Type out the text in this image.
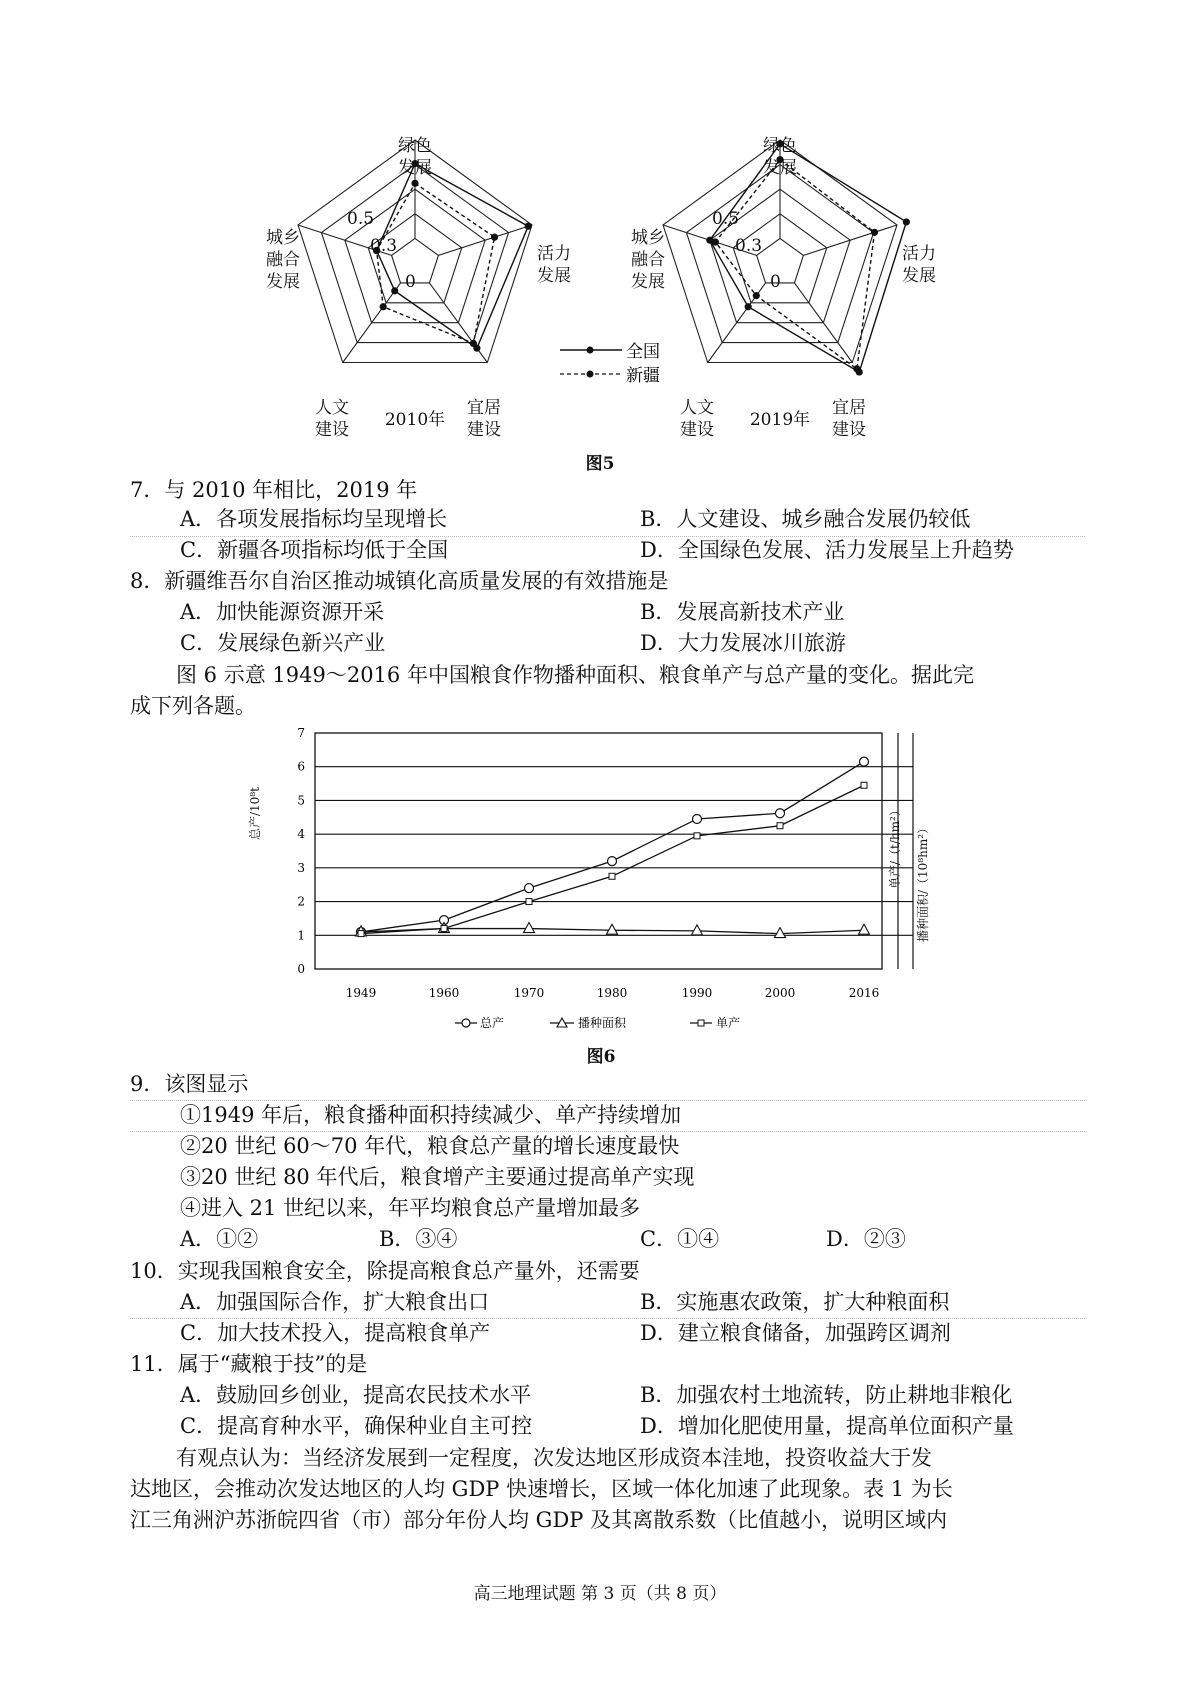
全国
新疆
绿色
发展
活力
发展
宜居
建设
人文
建设
城乡
融合
发展
0.5
0.3
0
2010年
绿色
发展
活力
发展
宜居
建设
人文
建设
城乡
融合
发展
0.5
0.3
0
2019年
图5
7．与 2010 年相比，2019 年
A．各项发展指标均呈现增长	B．人文建设、城乡融合发展仍较低
C．新疆各项指标均低于全国	D．全国绿色发展、活力发展呈上升趋势
8．新疆维吾尔自治区推动城镇化高质量发展的有效措施是
A．加快能源资源开采	B．发展高新技术产业
C．发展绿色新兴产业	D．大力发展冰川旅游
图 6 示意 1949～2016 年中国粮食作物播种面积、粮食单产与总产量的变化。据此完
成下列各题。
0
1
2
3
4
5
6
7
1949	1960	1970	1980	1990	2000	2016
总产	播种面积	单产
总产/10⁸t	单产/（t/hm²） 播种面积/（10⁸hm²）
图6
9．该图显示
①1949 年后，粮食播种面积持续减少、单产持续增加
②20 世纪 60～70 年代，粮食总产量的增长速度最快
③20 世纪 80 年代后，粮食增产主要通过提高单产实现
④进入 21 世纪以来，年平均粮食总产量增加最多
A．①②	B．③④	C．①④	D．②③
10．实现我国粮食安全，除提高粮食总产量外，还需要
A．加强国际合作，扩大粮食出口	B．实施惠农政策，扩大种粮面积
C．加大技术投入，提高粮食单产	D．建立粮食储备，加强跨区调剂
11．属于“藏粮于技”的是
A．鼓励回乡创业，提高农民技术水平	B．加强农村土地流转，防止耕地非粮化
C．提高育种水平，确保种业自主可控	D．增加化肥使用量，提高单位面积产量
有观点认为：当经济发展到一定程度，次发达地区形成资本洼地，投资收益大于发
达地区，会推动次发达地区的人均 GDP 快速增长，区域一体化加速了此现象。表 1 为长
江三角洲沪苏浙皖四省（市）部分年份人均 GDP 及其离散系数（比值越小，说明区域内
高三地理试题 第 3 页（共 8 页）
